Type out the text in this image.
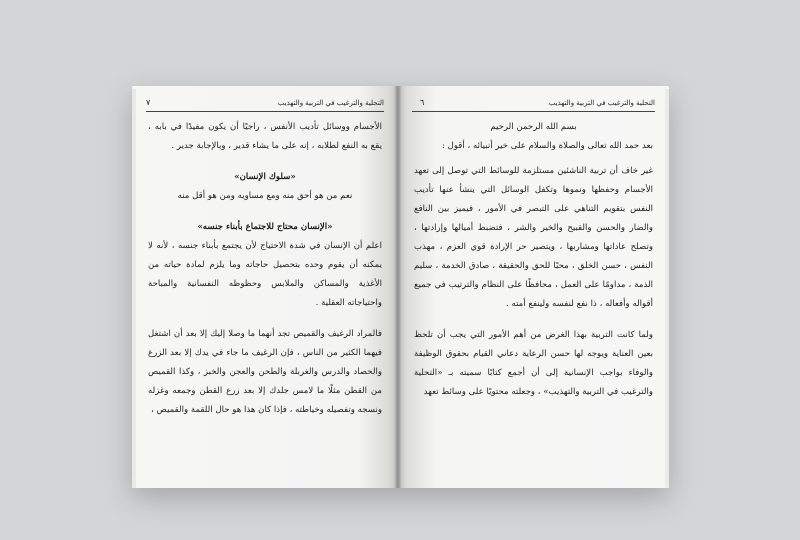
التحلية والترغيب في التربية والتهذيب
٧

الأجسام ووسائل تأديب الأنفس ، راجيًا أن يكون مفيدًا في بابه ، يقع به النفع لطلابه ، إنه على ما يشاء قدير ، وبالإجابة جدير .

«سلوك الإنسان»

نعم من هو أحق منه ومع مساويه ومن هو أقل منه

«الإنسان محتاج للاجتماع بأبناء جنسه»

اعلم أن الإنسان في شدة الاحتياج لأن يجتمع بأبناء جنسه ، لأنه لا يمكنه أن يقوم وحده بتحصيل حاجاته وما يلزم لمادة حياته من الأغذية والمساكن والملابس وحظوظه النفسانية والمباحة واحتياجاته العقلية .

فالمراد الرغيف والقميص تجد أنهما ما وصلا إليك إلا بعد أن اشتغل فيهما الكثير من الناس ، فإن الرغيف ما جاء في يدك إلا بعد الزرع والحصاد والدرس والغربلة والطحن والعجن والخبز ، وكذا القميص من القطن مثلًا ما لامس جلدك إلا بعد زرع القطن وجمعه وغزله ونسجه وتفصيله وخياطته ، فإذا كان هذا هو حال اللقمة والقميص ،

التحلية والترغيب في التربية والتهذيب
٦

بسم الله الرحمن الرحيم

بعد حمد الله تعالى والصلاة والسلام على خير أنبيائه ، أقول :

غير خاف أن تربية الناشئين مستلزمة للوسائط التي توصل إلى تعهد الأجسام وحفظها ونموها وتكفل الوسائل التي ينشأ عنها تأديب النفس بتقويم التناهي على التبصر في الأمور ، فيميز بين النافع والضار والحسن والقبيح والخير والشر ، فتضبط أميالها وإرادتها ، وتصلح عاداتها ومشاربها ، ويتصير حر الإرادة قوي العزم ، مهذب النفس ، حسن الخلق ، محبًا للحق والحقيقة ، صادق الخدمة ، سليم الذمة ، مداومًا على العمل ، محافظًا على النظام والترتيب في جميع أقواله وأفعاله ، ذا نفع لنفسه ولينفع أمته .

ولما كانت التربية بهذا الغرض من أهم الأمور التي يجب أن تلحظ بعين العناية ويوجه لها حسن الرعاية دعاني القيام بحقوق الوظيفة والوفاء بواجب الإنسانية إلى أن أجمع كتابًا سميته بـ «التحلية والترغيب في التربية والتهذيب» ، وجعلته محتويًا على وسائط تعهد
